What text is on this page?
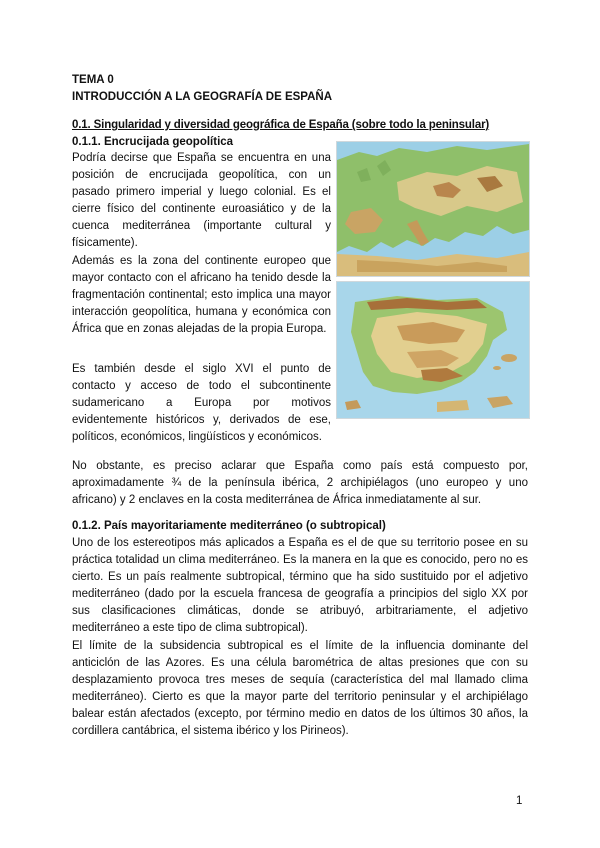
TEMA 0
INTRODUCCIÓN A LA GEOGRAFÍA DE ESPAÑA
0.1. Singularidad y diversidad geográfica de España (sobre todo la peninsular)
0.1.1. Encrucijada geopolítica
Podría decirse que España se encuentra en una posición de encrucijada geopolítica, con un pasado primero imperial y luego colonial. Es el cierre físico del continente euroasiático y de la cuenca mediterránea (importante cultural y físicamente).
Además es la zona del continente europeo que mayor contacto con el africano ha tenido desde la fragmentación continental; esto implica una mayor interacción geopolítica, humana y económica con África que en zonas alejadas de la propia Europa.
Es también desde el siglo XVI el punto de contacto y acceso de todo el subcontinente sudamericano a Europa por motivos evidentemente históricos y, derivados de ese, políticos, económicos, lingüísticos y económicos.
No obstante, es preciso aclarar que España como país está compuesto por, aproximadamente ¾ de la península ibérica, 2 archipiélagos (uno europeo y uno africano) y 2 enclaves en la costa mediterránea de África inmediatamente al sur.
0.1.2. País mayoritariamente mediterráneo (o subtropical)
Uno de los estereotipos más aplicados a España es el de que su territorio posee en su práctica totalidad un clima mediterráneo. Es la manera en la que es conocido, pero no es cierto. Es un país realmente subtropical, término que ha sido sustituido por el adjetivo mediterráneo (dado por la escuela francesa de geografía a principios del siglo XX por sus clasificaciones climáticas, donde se atribuyó, arbitrariamente, el adjetivo mediterráneo a este tipo de clima subtropical).
El límite de la subsidencia subtropical es el límite de la influencia dominante del anticiclón de las Azores. Es una célula barométrica de altas presiones que con su desplazamiento provoca tres meses de sequía (característica del mal llamado clima mediterráneo). Cierto es que la mayor parte del territorio peninsular y el archipiélago balear están afectados (excepto, por término medio en datos de los últimos 30 años, la cordillera cantábrica, el sistema ibérico y los Pirineos).
1
